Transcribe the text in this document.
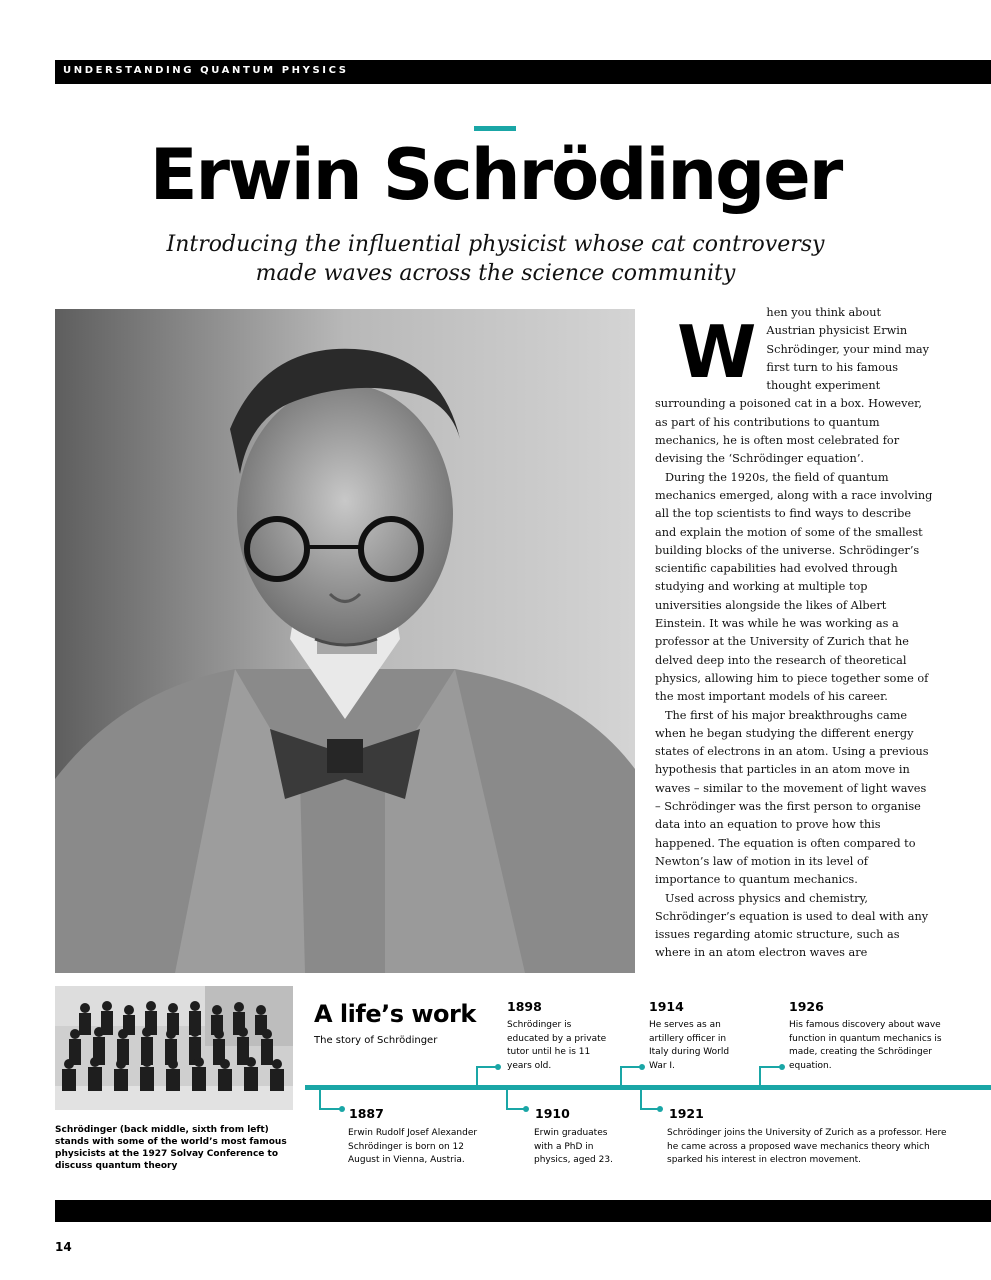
UNDERSTANDING QUANTUM PHYSICS
Erwin Schrödinger
Introducing the influential physicist whose cat controversy made waves across the science community
W hen you think about Austrian physicist Erwin Schrödinger, your mind may first turn to his famous thought experiment surrounding a poisoned cat in a box. However, as part of his contributions to quantum mechanics, he is often most celebrated for devising the ‘Schrödinger equation’.

During the 1920s, the field of quantum mechanics emerged, along with a race involving all the top scientists to find ways to describe and explain the motion of some of the smallest building blocks of the universe. Schrödinger’s scientific capabilities had evolved through studying and working at multiple top universities alongside the likes of Albert Einstein. It was while he was working as a professor at the University of Zurich that he delved deep into the research of theoretical physics, allowing him to piece together some of the most important models of his career.

The first of his major breakthroughs came when he began studying the different energy states of electrons in an atom. Using a previous hypothesis that particles in an atom move in waves – similar to the movement of light waves – Schrödinger was the first person to organise data into an equation to prove how this happened. The equation is often compared to Newton’s law of motion in its level of importance to quantum mechanics.

Used across physics and chemistry, Schrödinger’s equation is used to deal with any issues regarding atomic structure, such as where in an atom electron waves are

Schrödinger (back middle, sixth from left) stands with some of the world’s most famous physicists at the 1927 Solvay Conference to discuss quantum theory
A life’s work
The story of Schrödinger
1887
Erwin Rudolf Josef Alexander Schrödinger is born on 12 August in Vienna, Austria.
1898
Schrödinger is educated by a private tutor until he is 11 years old.
1910
Erwin graduates with a PhD in physics, aged 23.
1914
He serves as an artillery officer in Italy during World War I.
1921
Schrödinger joins the University of Zurich as a professor. Here he came across a proposed wave mechanics theory which sparked his interest in electron movement.
1926
His famous discovery about wave function in quantum mechanics is made, creating the Schrödinger equation.
14
